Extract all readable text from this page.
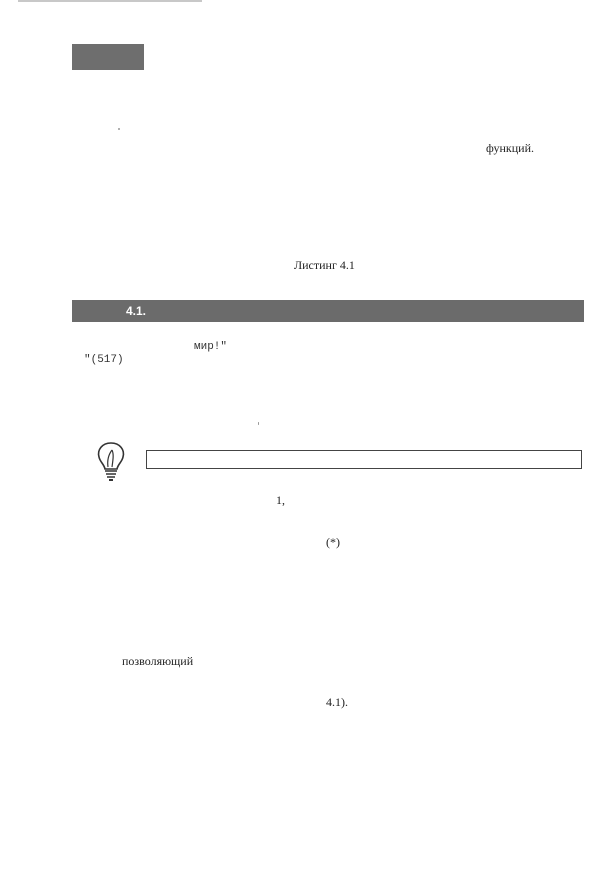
функций.
Листинг 4.1
4.1.
мир!"
"(517)
1,
(*)
позволяющий
4.1).
